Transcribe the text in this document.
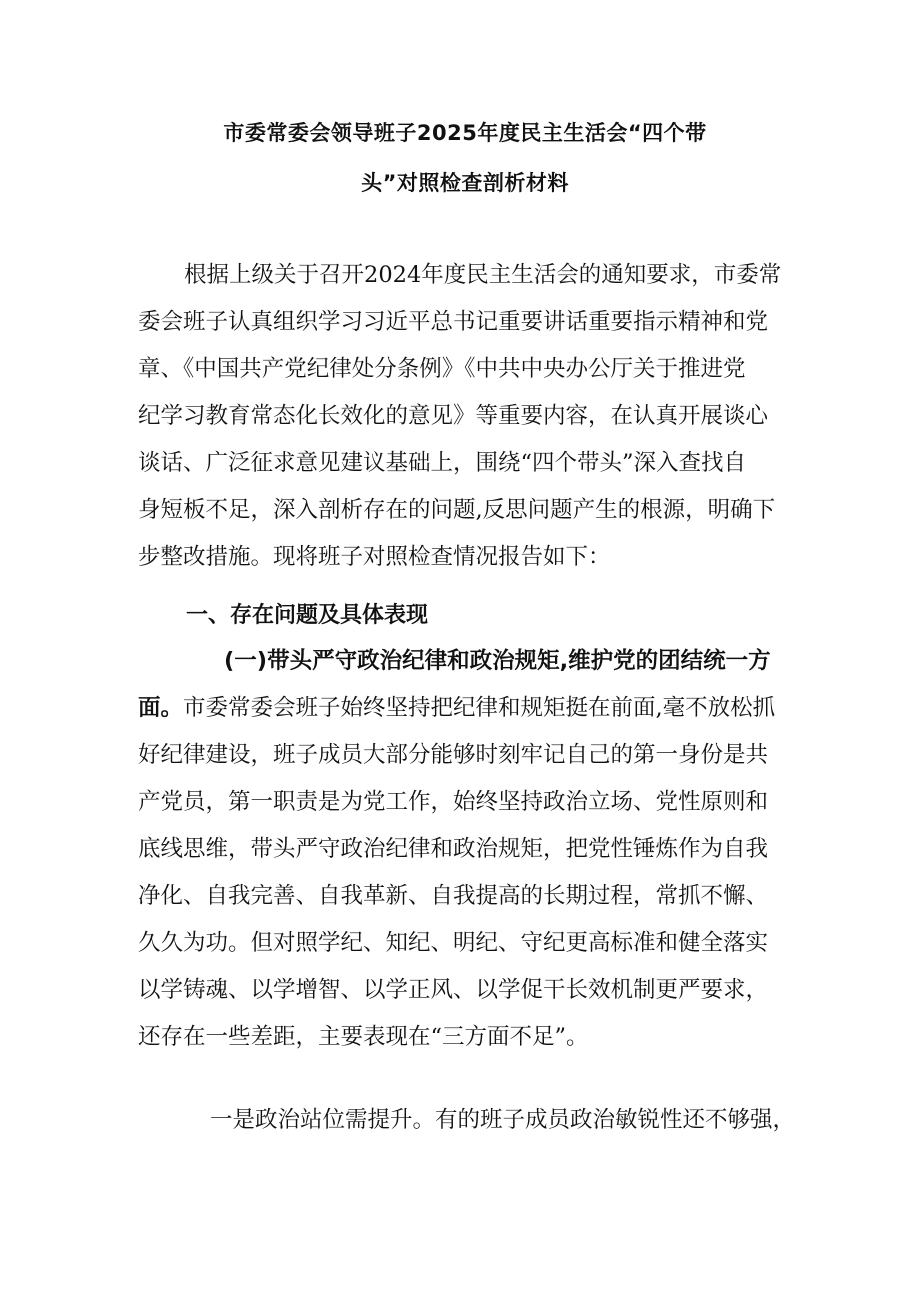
市委常委会领导班子2025年度民主生活会“四个带
头”对照检查剖析材料
根据上级关于召开2024年度民主生活会的通知要求，市委常
委会班子认真组织学习习近平总书记重要讲话重要指示精神和党
章、《中国共产党纪律处分条例》《中共中央办公厅关于推进党
纪学习教育常态化长效化的意见》等重要内容，在认真开展谈心
谈话、广泛征求意见建议基础上，围绕“四个带头”深入查找自
身短板不足，深入剖析存在的问题,反思问题产生的根源，明确下
步整改措施。现将班子对照检查情况报告如下：
一、存在问题及具体表现
(一)带头严守政治纪律和政治规矩,维护党的团结统一方
面。市委常委会班子始终坚持把纪律和规矩挺在前面,毫不放松抓
好纪律建设，班子成员大部分能够时刻牢记自己的第一身份是共
产党员，第一职责是为党工作，始终坚持政治立场、党性原则和
底线思维，带头严守政治纪律和政治规矩，把党性锤炼作为自我
净化、自我完善、自我革新、自我提高的长期过程，常抓不懈、
久久为功。但对照学纪、知纪、明纪、守纪更高标准和健全落实
以学铸魂、以学增智、以学正风、以学促干长效机制更严要求，
还存在一些差距，主要表现在“三方面不足”。
一是政治站位需提升。有的班子成员政治敏锐性还不够强，
